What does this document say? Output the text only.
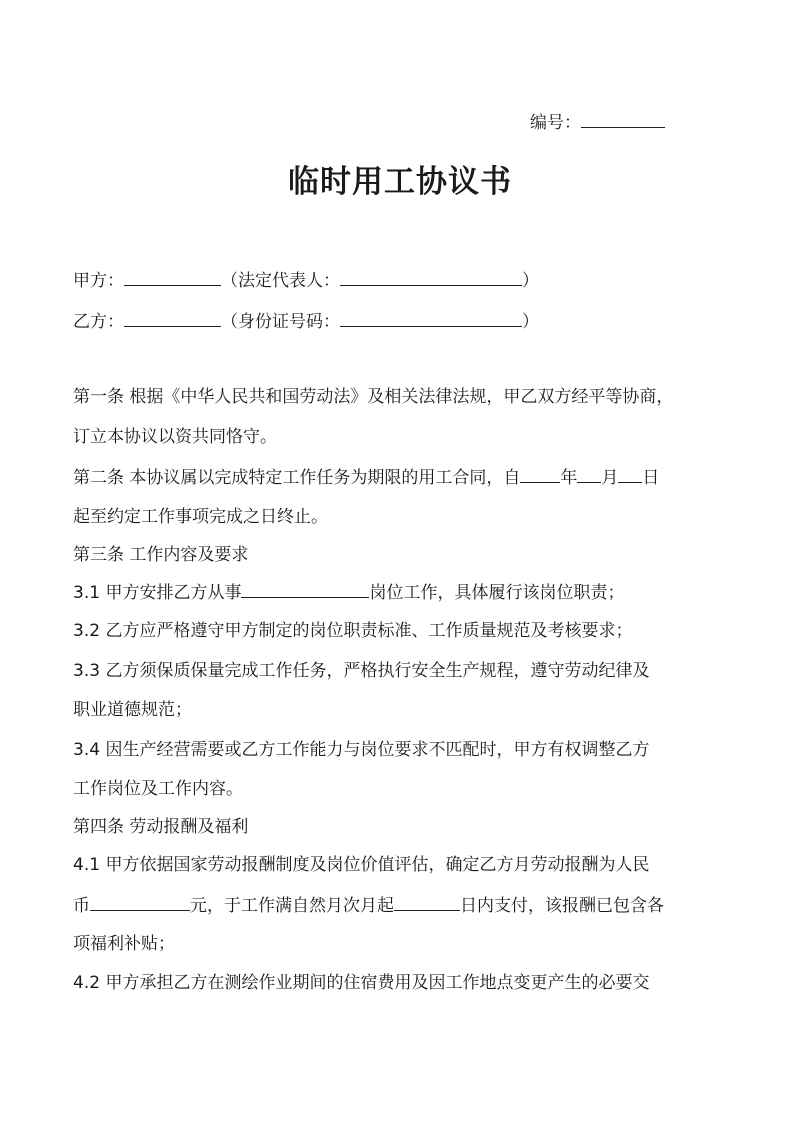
编号：
临时用工协议书
甲方：	（法定代表人：	）
乙方：	（身份证号码：	）
第一条 根据《中华人民共和国劳动法》及相关法律法规，甲乙双方经平等协商，
订立本协议以资共同恪守。
第二条 本协议属以完成特定工作任务为期限的用工合同，自 年 月 日
起至约定工作事项完成之日终止。
第三条 工作内容及要求
3.1 甲方安排乙方从事	岗位工作，具体履行该岗位职责；
3.2 乙方应严格遵守甲方制定的岗位职责标准、工作质量规范及考核要求；
3.3 乙方须保质保量完成工作任务，严格执行安全生产规程，遵守劳动纪律及
职业道德规范；
3.4 因生产经营需要或乙方工作能力与岗位要求不匹配时，甲方有权调整乙方
工作岗位及工作内容。
第四条 劳动报酬及福利
4.1 甲方依据国家劳动报酬制度及岗位价值评估，确定乙方月劳动报酬为人民
币	元，于工作满自然月次月起	日内支付，该报酬已包含各
项福利补贴；
4.2 甲方承担乙方在测绘作业期间的住宿费用及因工作地点变更产生的必要交
